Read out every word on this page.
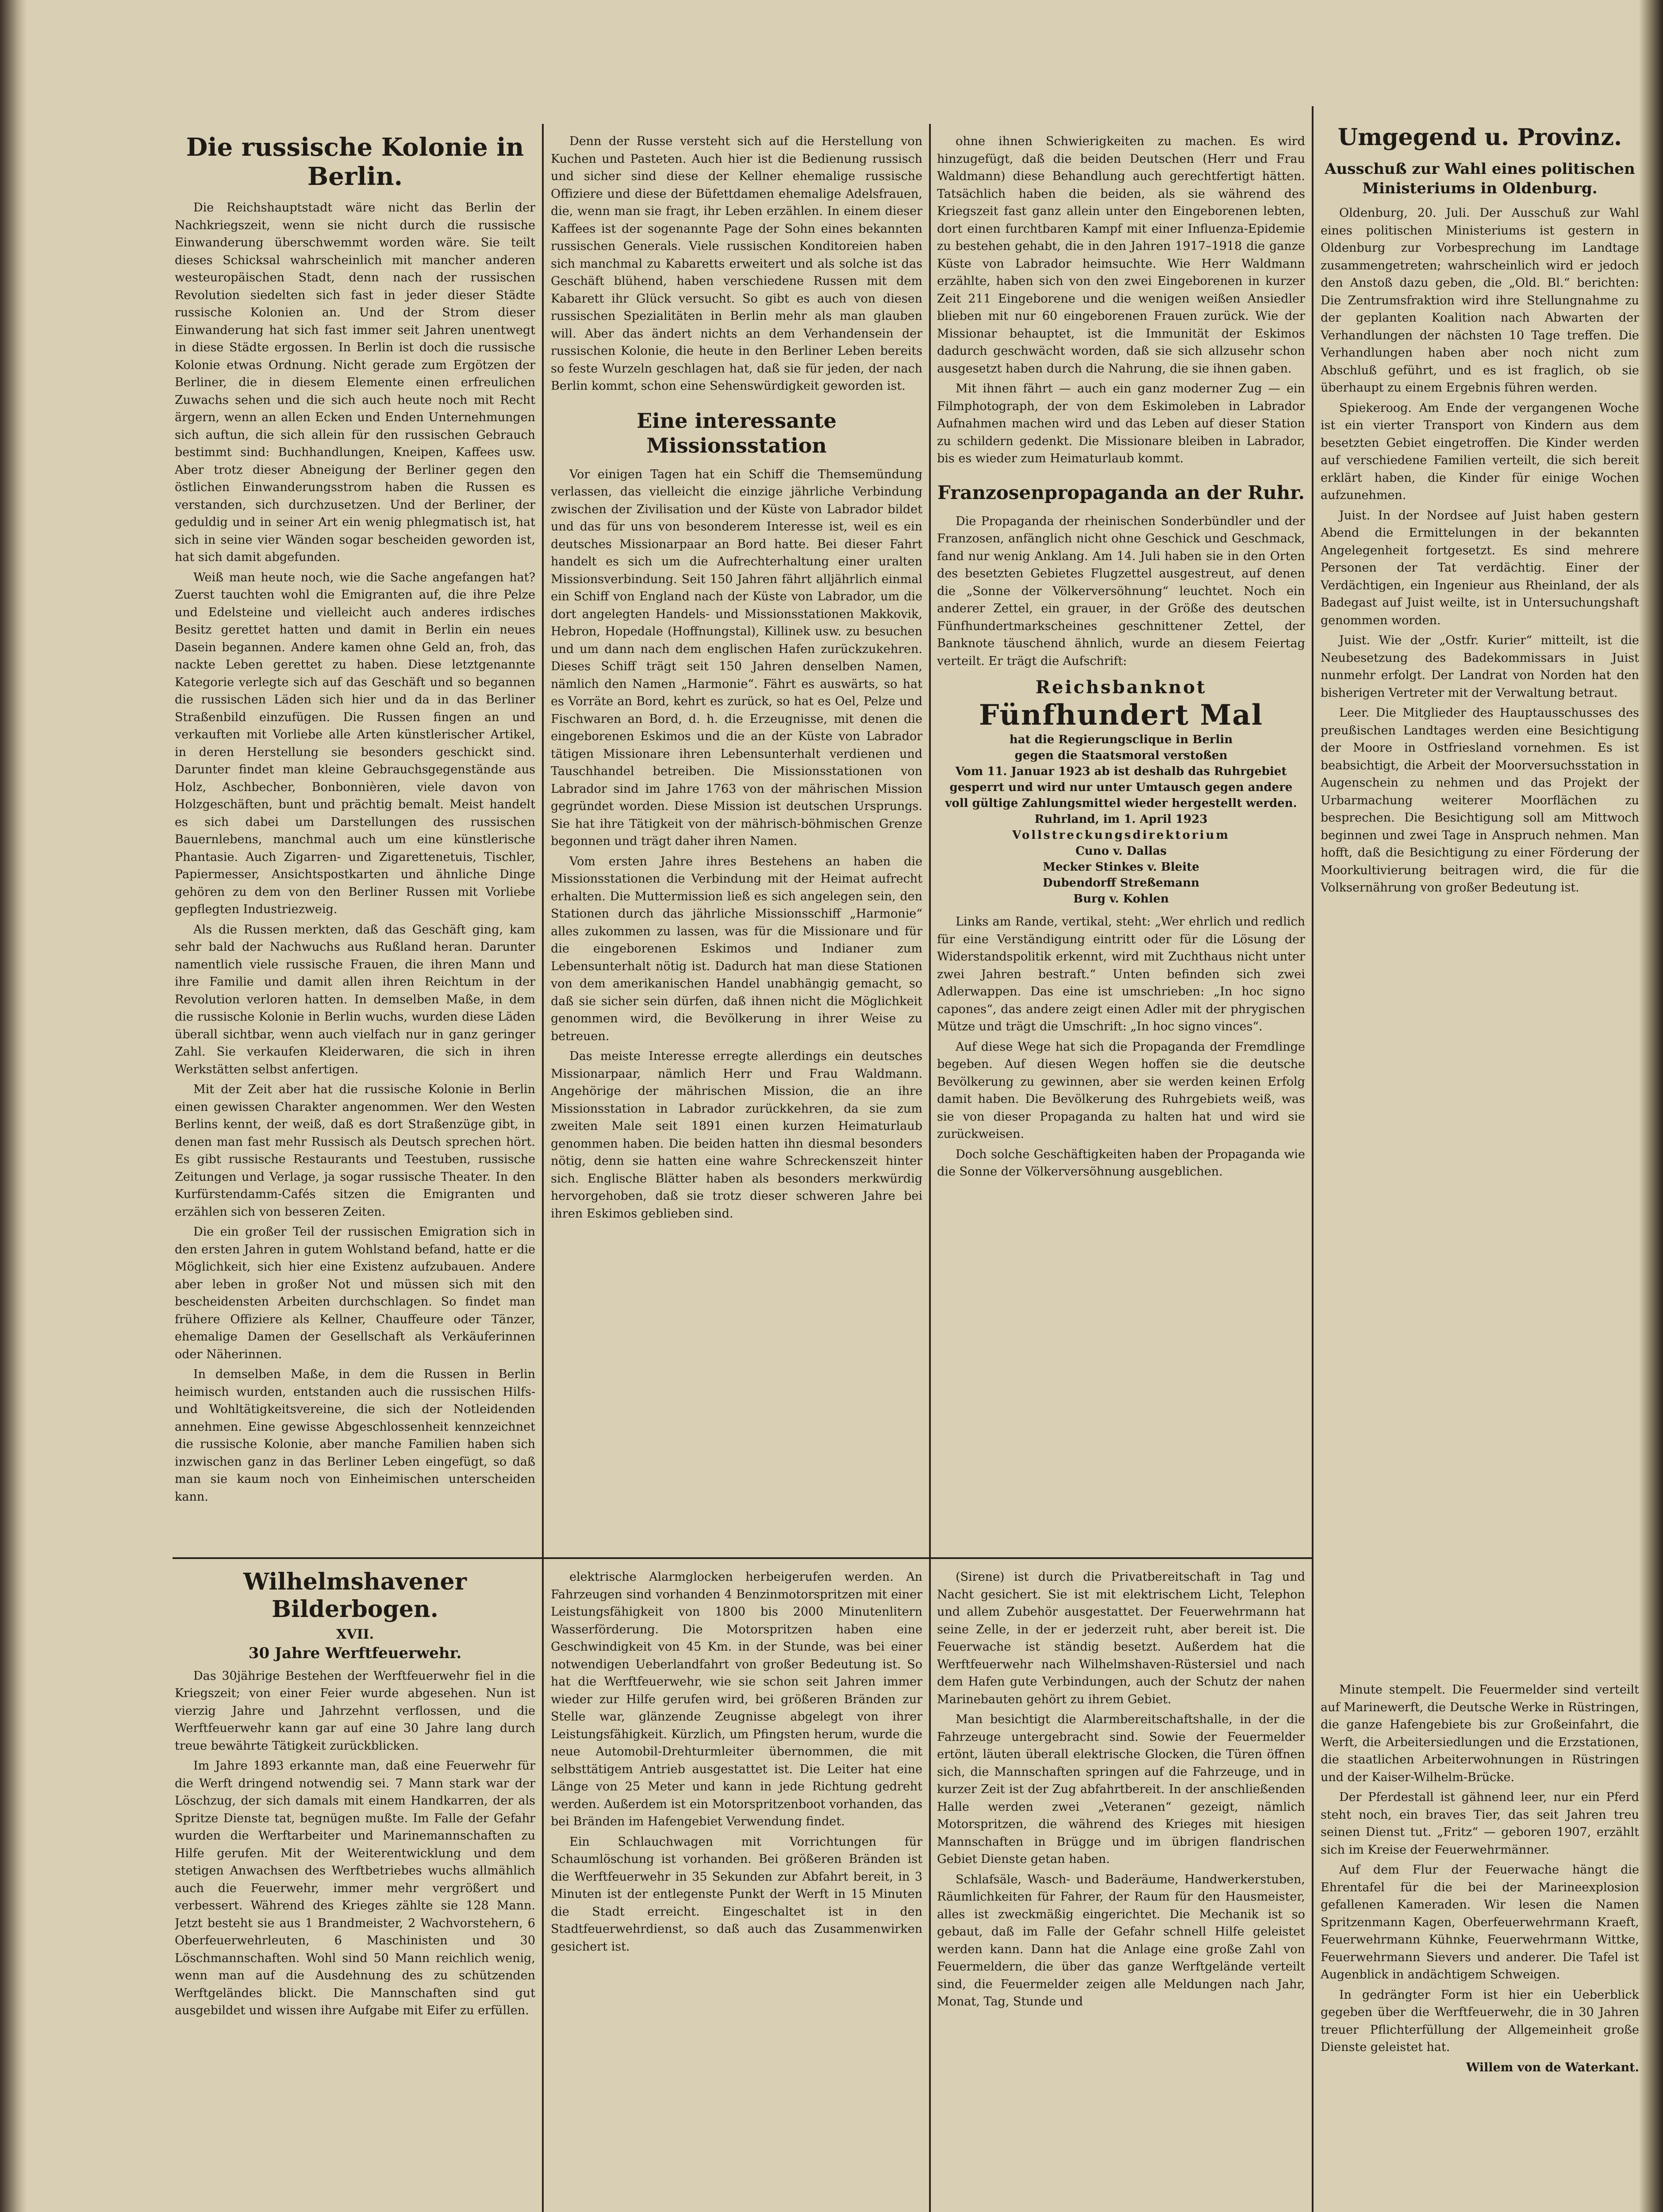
Die russische Kolonie in Berlin.

Die Reichshauptstadt wäre nicht das Berlin der Nachkriegszeit, wenn sie nicht durch die russische Einwanderung überschwemmt worden wäre. Sie teilt dieses Schicksal wahrscheinlich mit mancher anderen westeuropäischen Stadt, denn nach der russischen Revolution siedelten sich fast in jeder dieser Städte russische Kolonien an. Und der Strom dieser Einwanderung hat sich fast immer seit Jahren unentwegt in diese Städte ergossen. In Berlin ist doch die russische Kolonie etwas Ordnung. Nicht gerade zum Ergötzen der Berliner, die in diesem Elemente einen erfreulichen Zuwachs sehen und die sich auch heute noch mit Recht ärgern, wenn an allen Ecken und Enden Unternehmungen sich auftun, die sich allein für den russischen Gebrauch bestimmt sind: Buchhandlungen, Kneipen, Kaffees usw. Aber trotz dieser Abneigung der Berliner gegen den östlichen Einwanderungsstrom haben die Russen es verstanden, sich durchzusetzen. Und der Berliner, der geduldig und in seiner Art ein wenig phlegmatisch ist, hat sich in seine vier Wänden sogar bescheiden geworden ist, hat sich damit abgefunden.

Weiß man heute noch, wie die Sache angefangen hat? Zuerst tauchten wohl die Emigranten auf, die ihre Pelze und Edelsteine und vielleicht auch anderes irdisches Besitz gerettet hatten und damit in Berlin ein neues Dasein begannen. Andere kamen ohne Geld an, froh, das nackte Leben gerettet zu haben. Diese letztgenannte Kategorie verlegte sich auf das Geschäft und so begannen die russischen Läden sich hier und da in das Berliner Straßenbild einzufügen. Die Russen fingen an und verkauften mit Vorliebe alle Arten künstlerischer Artikel, in deren Herstellung sie besonders geschickt sind. Darunter findet man kleine Gebrauchsgegenstände aus Holz, Aschbecher, Bonbonnièren, viele davon von Holzgeschäften, bunt und prächtig bemalt. Meist handelt es sich dabei um Darstellungen des russischen Bauernlebens, manchmal auch um eine künstlerische Phantasie. Auch Zigarren- und Zigarettenetuis, Tischler, Papiermesser, Ansichtspostkarten und ähnliche Dinge gehören zu dem von den Berliner Russen mit Vorliebe gepflegten Industriezweig.

Als die Russen merkten, daß das Geschäft ging, kam sehr bald der Nachwuchs aus Rußland heran. Darunter namentlich viele russische Frauen, die ihren Mann und ihre Familie und damit allen ihren Reichtum in der Revolution verloren hatten. In demselben Maße, in dem die russische Kolonie in Berlin wuchs, wurden diese Läden überall sichtbar, wenn auch vielfach nur in ganz geringer Zahl. Sie verkaufen Kleiderwaren, die sich in ihren Werkstätten selbst anfertigen.

Mit der Zeit aber hat die russische Kolonie in Berlin einen gewissen Charakter angenommen. Wer den Westen Berlins kennt, der weiß, daß es dort Straßenzüge gibt, in denen man fast mehr Russisch als Deutsch sprechen hört. Es gibt russische Restaurants und Teestuben, russische Zeitungen und Verlage, ja sogar russische Theater. In den Kurfürstendamm-Cafés sitzen die Emigranten und erzählen sich von besseren Zeiten.

Die ein großer Teil der russischen Emigration sich in den ersten Jahren in gutem Wohlstand befand, hatte er die Möglichkeit, sich hier eine Existenz aufzubauen. Andere aber leben in großer Not und müssen sich mit den bescheidensten Arbeiten durchschlagen. So findet man frühere Offiziere als Kellner, Chauffeure oder Tänzer, ehemalige Damen der Gesellschaft als Verkäuferinnen oder Näherinnen.

In demselben Maße, in dem die Russen in Berlin heimisch wurden, entstanden auch die russischen Hilfs- und Wohltätigkeitsvereine, die sich der Notleidenden annehmen. Eine gewisse Abgeschlossenheit kennzeichnet die russische Kolonie, aber manche Familien haben sich inzwischen ganz in das Berliner Leben eingefügt, so daß man sie kaum noch von Einheimischen unterscheiden kann.

Denn der Russe versteht sich auf die Herstellung von Kuchen und Pasteten. Auch hier ist die Bedienung russisch und sicher sind diese der Kellner ehemalige russische Offiziere und diese der Büfettdamen ehemalige Adelsfrauen, die, wenn man sie fragt, ihr Leben erzählen. In einem dieser Kaffees ist der sogenannte Page der Sohn eines bekannten russischen Generals. Viele russischen Konditoreien haben sich manchmal zu Kabaretts erweitert und als solche ist das Geschäft blühend, haben verschiedene Russen mit dem Kabarett ihr Glück versucht. So gibt es auch von diesen russischen Spezialitäten in Berlin mehr als man glauben will. Aber das ändert nichts an dem Verhandensein der russischen Kolonie, die heute in den Berliner Leben bereits so feste Wurzeln geschlagen hat, daß sie für jeden, der nach Berlin kommt, schon eine Sehenswürdigkeit geworden ist.

Eine interessante Missionsstation

Vor einigen Tagen hat ein Schiff die Themsemündung verlassen, das vielleicht die einzige jährliche Verbindung zwischen der Zivilisation und der Küste von Labrador bildet und das für uns von besonderem Interesse ist, weil es ein deutsches Missionarpaar an Bord hatte. Bei dieser Fahrt handelt es sich um die Aufrechterhaltung einer uralten Missionsverbindung. Seit 150 Jahren fährt alljährlich einmal ein Schiff von England nach der Küste von Labrador, um die dort angelegten Handels- und Missionsstationen Makkovik, Hebron, Hopedale (Hoffnungstal), Killinek usw. zu besuchen und um dann nach dem englischen Hafen zurückzukehren. Dieses Schiff trägt seit 150 Jahren denselben Namen, nämlich den Namen „Harmonie“. Fährt es auswärts, so hat es Vorräte an Bord, kehrt es zurück, so hat es Oel, Pelze und Fischwaren an Bord, d. h. die Erzeugnisse, mit denen die eingeborenen Eskimos und die an der Küste von Labrador tätigen Missionare ihren Lebensunterhalt verdienen und Tauschhandel betreiben. Die Missionsstationen von Labrador sind im Jahre 1763 von der mährischen Mission gegründet worden. Diese Mission ist deutschen Ursprungs. Sie hat ihre Tätigkeit von der mährisch-böhmischen Grenze begonnen und trägt daher ihren Namen.

Vom ersten Jahre ihres Bestehens an haben die Missionsstationen die Verbindung mit der Heimat aufrecht erhalten. Die Muttermission ließ es sich angelegen sein, den Stationen durch das jährliche Missionsschiff „Harmonie“ alles zukommen zu lassen, was für die Missionare und für die eingeborenen Eskimos und Indianer zum Lebensunterhalt nötig ist. Dadurch hat man diese Stationen von dem amerikanischen Handel unabhängig gemacht, so daß sie sicher sein dürfen, daß ihnen nicht die Möglichkeit genommen wird, die Bevölkerung in ihrer Weise zu betreuen.

Das meiste Interesse erregte allerdings ein deutsches Missionarpaar, nämlich Herr und Frau Waldmann. Angehörige der mährischen Mission, die an ihre Missionsstation in Labrador zurückkehren, da sie zum zweiten Male seit 1891 einen kurzen Heimaturlaub genommen haben. Die beiden hatten ihn diesmal besonders nötig, denn sie hatten eine wahre Schreckenszeit hinter sich. Englische Blätter haben als besonders merkwürdig hervorgehoben, daß sie trotz dieser schweren Jahre bei ihren Eskimos geblieben sind.

ohne ihnen Schwierigkeiten zu machen. Es wird hinzugefügt, daß die beiden Deutschen (Herr und Frau Waldmann) diese Behandlung auch gerechtfertigt hätten. Tatsächlich haben die beiden, als sie während des Kriegszeit fast ganz allein unter den Eingeborenen lebten, dort einen furchtbaren Kampf mit einer Influenza-Epidemie zu bestehen gehabt, die in den Jahren 1917–1918 die ganze Küste von Labrador heimsuchte. Wie Herr Waldmann erzählte, haben sich von den zwei Eingeborenen in kurzer Zeit 211 Eingeborene und die wenigen weißen Ansiedler blieben mit nur 60 eingeborenen Frauen zurück. Wie der Missionar behauptet, ist die Immunität der Eskimos dadurch geschwächt worden, daß sie sich allzusehr schon ausgesetzt haben durch die Nahrung, die sie ihnen gaben.

Mit ihnen fährt — auch ein ganz moderner Zug — ein Filmphotograph, der von dem Eskimoleben in Labrador Aufnahmen machen wird und das Leben auf dieser Station zu schildern gedenkt. Die Missionare bleiben in Labrador, bis es wieder zum Heimaturlaub kommt.

Franzosenpropaganda an der Ruhr.

Die Propaganda der rheinischen Sonderbündler und der Franzosen, anfänglich nicht ohne Geschick und Geschmack, fand nur wenig Anklang. Am 14. Juli haben sie in den Orten des besetzten Gebietes Flugzettel ausgestreut, auf denen die „Sonne der Völkerversöhnung“ leuchtet. Noch ein anderer Zettel, ein grauer, in der Größe des deutschen Fünfhundertmarkscheines geschnittener Zettel, der Banknote täuschend ähnlich, wurde an diesem Feiertag verteilt. Er trägt die Aufschrift:

Reichsbanknot
Fünfhundert Mal
hat die Regierungsclique in Berlin
gegen die Staatsmoral verstoßen
Vom 11. Januar 1923 ab ist deshalb das Ruhrgebiet gesperrt und wird nur unter Umtausch gegen andere voll gültige Zahlungsmittel wieder hergestellt werden.
Ruhrland, im 1. April 1923
Vollstreckungsdirektorium
Cuno v. Dallas
Mecker Stinkes v. Bleite
Dubendorff Streßemann
Burg v. Kohlen

Links am Rande, vertikal, steht: „Wer ehrlich und redlich für eine Verständigung eintritt oder für die Lösung der Widerstandspolitik erkennt, wird mit Zuchthaus nicht unter zwei Jahren bestraft.“ Unten befinden sich zwei Adlerwappen. Das eine ist umschrieben: „In hoc signo capones“, das andere zeigt einen Adler mit der phrygischen Mütze und trägt die Umschrift: „In hoc signo vinces“.

Auf diese Wege hat sich die Propaganda der Fremdlinge begeben. Auf diesen Wegen hoffen sie die deutsche Bevölkerung zu gewinnen, aber sie werden keinen Erfolg damit haben. Die Bevölkerung des Ruhrgebiets weiß, was sie von dieser Propaganda zu halten hat und wird sie zurückweisen.

Doch solche Geschäftigkeiten haben der Propaganda wie die Sonne der Völkerversöhnung ausgeblichen.

Umgegend u. Provinz.
Ausschuß zur Wahl eines politischen Ministeriums in Oldenburg.

Oldenburg, 20. Juli. Der Ausschuß zur Wahl eines politischen Ministeriums ist gestern in Oldenburg zur Vorbesprechung im Landtage zusammengetreten; wahrscheinlich wird er jedoch den Anstoß dazu geben, die „Old. Bl.“ berichten: Die Zentrumsfraktion wird ihre Stellungnahme zu der geplanten Koalition nach Abwarten der Verhandlungen der nächsten 10 Tage treffen. Die Verhandlungen haben aber noch nicht zum Abschluß geführt, und es ist fraglich, ob sie überhaupt zu einem Ergebnis führen werden.

Spiekeroog. Am Ende der vergangenen Woche ist ein vierter Transport von Kindern aus dem besetzten Gebiet eingetroffen. Die Kinder werden auf verschiedene Familien verteilt, die sich bereit erklärt haben, die Kinder für einige Wochen aufzunehmen.

Juist. In der Nordsee auf Juist haben gestern Abend die Ermittelungen in der bekannten Angelegenheit fortgesetzt. Es sind mehrere Personen der Tat verdächtig. Einer der Verdächtigen, ein Ingenieur aus Rheinland, der als Badegast auf Juist weilte, ist in Untersuchungshaft genommen worden.

Juist. Wie der „Ostfr. Kurier“ mitteilt, ist die Neubesetzung des Badekommissars in Juist nunmehr erfolgt. Der Landrat von Norden hat den bisherigen Vertreter mit der Verwaltung betraut.

Leer. Die Mitglieder des Hauptausschusses des preußischen Landtages werden eine Besichtigung der Moore in Ostfriesland vornehmen. Es ist beabsichtigt, die Arbeit der Moorversuchsstation in Augenschein zu nehmen und das Projekt der Urbarmachung weiterer Moorflächen zu besprechen. Die Besichtigung soll am Mittwoch beginnen und zwei Tage in Anspruch nehmen. Man hofft, daß die Besichtigung zu einer Förderung der Moorkultivierung beitragen wird, die für die Volksernährung von großer Bedeutung ist.

Wilhelmshavener Bilderbogen.
XVII.
30 Jahre Werftfeuerwehr.

Das 30jährige Bestehen der Werftfeuerwehr fiel in die Kriegszeit; von einer Feier wurde abgesehen. Nun ist vierzig Jahre und Jahrzehnt verflossen, und die Werftfeuerwehr kann gar auf eine 30 Jahre lang durch treue bewährte Tätigkeit zurückblicken.

Im Jahre 1893 erkannte man, daß eine Feuerwehr für die Werft dringend notwendig sei. 7 Mann stark war der Löschzug, der sich damals mit einem Handkarren, der als Spritze Dienste tat, begnügen mußte. Im Falle der Gefahr wurden die Werftarbeiter und Marinemannschaften zu Hilfe gerufen. Mit der Weiterentwicklung und dem stetigen Anwachsen des Werftbetriebes wuchs allmählich auch die Feuerwehr, immer mehr vergrößert und verbessert. Während des Krieges zählte sie 128 Mann. Jetzt besteht sie aus 1 Brandmeister, 2 Wachvorstehern, 6 Oberfeuerwehrleuten, 6 Maschinisten und 30 Löschmannschaften. Wohl sind 50 Mann reichlich wenig, wenn man auf die Ausdehnung des zu schützenden Werftgeländes blickt. Die Mannschaften sind gut ausgebildet und wissen ihre Aufgabe mit Eifer zu erfüllen.

elektrische Alarmglocken herbeigerufen werden. An Fahrzeugen sind vorhanden 4 Benzinmotorspritzen mit einer Leistungsfähigkeit von 1800 bis 2000 Minutenlitern Wasserförderung. Die Motorspritzen haben eine Geschwindigkeit von 45 Km. in der Stunde, was bei einer notwendigen Ueberlandfahrt von großer Bedeutung ist. So hat die Werftfeuerwehr, wie sie schon seit Jahren immer wieder zur Hilfe gerufen wird, bei größeren Bränden zur Stelle war, glänzende Zeugnisse abgelegt von ihrer Leistungsfähigkeit. Kürzlich, um Pfingsten herum, wurde die neue Automobil-Drehturmleiter übernommen, die mit selbsttätigem Antrieb ausgestattet ist. Die Leiter hat eine Länge von 25 Meter und kann in jede Richtung gedreht werden. Außerdem ist ein Motorspritzenboot vorhanden, das bei Bränden im Hafengebiet Verwendung findet.

Ein Schlauchwagen mit Vorrichtungen für Schaumlöschung ist vorhanden. Bei größeren Bränden ist die Werftfeuerwehr in 35 Sekunden zur Abfahrt bereit, in 3 Minuten ist der entlegenste Punkt der Werft in 15 Minuten die Stadt erreicht. Eingeschaltet ist in den Stadtfeuerwehrdienst, so daß auch das Zusammenwirken gesichert ist.

(Sirene) ist durch die Privatbereitschaft in Tag und Nacht gesichert. Sie ist mit elektrischem Licht, Telephon und allem Zubehör ausgestattet. Der Feuerwehrmann hat seine Zelle, in der er jederzeit ruht, aber bereit ist. Die Feuerwache ist ständig besetzt. Außerdem hat die Werftfeuerwehr nach Wilhelmshaven-Rüstersiel und nach dem Hafen gute Verbindungen, auch der Schutz der nahen Marinebauten gehört zu ihrem Gebiet.

Man besichtigt die Alarmbereitschaftshalle, in der die Fahrzeuge untergebracht sind. Sowie der Feuermelder ertönt, läuten überall elektrische Glocken, die Türen öffnen sich, die Mannschaften springen auf die Fahrzeuge, und in kurzer Zeit ist der Zug abfahrtbereit. In der anschließenden Halle werden zwei „Veteranen“ gezeigt, nämlich Motorspritzen, die während des Krieges mit hiesigen Mannschaften in Brügge und im übrigen flandrischen Gebiet Dienste getan haben.

Schlafsäle, Wasch- und Baderäume, Handwerkerstuben, Räumlichkeiten für Fahrer, der Raum für den Hausmeister, alles ist zweckmäßig eingerichtet. Die Mechanik ist so gebaut, daß im Falle der Gefahr schnell Hilfe geleistet werden kann. Dann hat die Anlage eine große Zahl von Feuermeldern, die über das ganze Werftgelände verteilt sind, die Feuermelder zeigen alle Meldungen nach Jahr, Monat, Tag, Stunde und

Minute stempelt. Die Feuermelder sind verteilt auf Marinewerft, die Deutsche Werke in Rüstringen, die ganze Hafengebiete bis zur Großeinfahrt, die Werft, die Arbeitersiedlungen und die Erzstationen, die staatlichen Arbeiterwohnungen in Rüstringen und der Kaiser-Wilhelm-Brücke.

Der Pferdestall ist gähnend leer, nur ein Pferd steht noch, ein braves Tier, das seit Jahren treu seinen Dienst tut. „Fritz“ — geboren 1907, erzählt sich im Kreise der Feuerwehrmänner.

Auf dem Flur der Feuerwache hängt die Ehrentafel für die bei der Marineexplosion gefallenen Kameraden. Wir lesen die Namen Spritzenmann Kagen, Oberfeuerwehrmann Kraeft, Feuerwehrmann Kühnke, Feuerwehrmann Wittke, Feuerwehrmann Sievers und anderer. Die Tafel ist Augenblick in andächtigem Schweigen.

In gedrängter Form ist hier ein Ueberblick gegeben über die Werftfeuerwehr, die in 30 Jahren treuer Pflichterfüllung der Allgemeinheit große Dienste geleistet hat.

Willem von de Waterkant.
